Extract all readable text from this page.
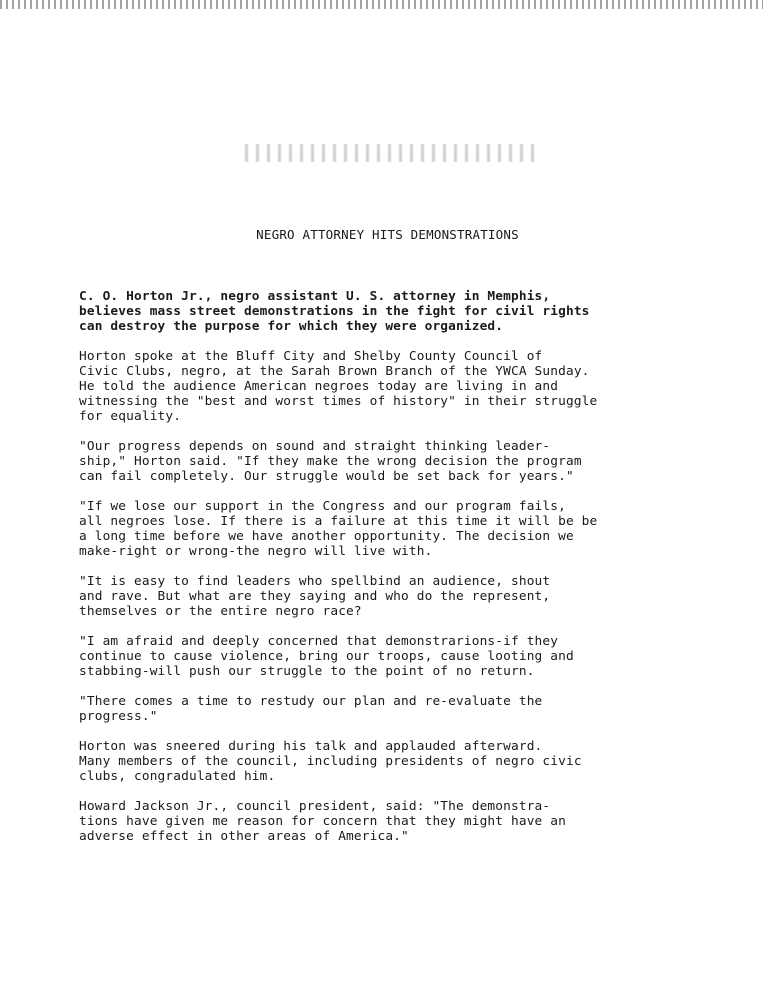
NEGRO ATTORNEY HITS DEMONSTRATIONS

C. O. Horton Jr., negro assistant U. S. attorney in Memphis,
believes mass street demonstrations in the fight for civil rights
can destroy the purpose for which they were organized.

Horton spoke at the Bluff City and Shelby County Council of
Civic Clubs, negro, at the Sarah Brown Branch of the YWCA Sunday.
He told the audience American negroes today are living in and
witnessing the "best and worst times of history" in their struggle
for equality.

"Our progress depends on sound and straight thinking leader-
ship," Horton said. "If they make the wrong decision the program
can fail completely. Our struggle would be set back for years."

"If we lose our support in the Congress and our program fails,
all negroes lose. If there is a failure at this time it will be be
a long time before we have another opportunity. The decision we
make-right or wrong-the negro will live with.

"It is easy to find leaders who spellbind an audience, shout
and rave. But what are they saying and who do the represent,
themselves or the entire negro race?

"I am afraid and deeply concerned that demonstrarions-if they
continue to cause violence, bring our troops, cause looting and
stabbing-will push our struggle to the point of no return.

"There comes a time to restudy our plan and re-evaluate the
progress."

Horton was sneered during his talk and applauded afterward.
Many members of the council, including presidents of negro civic
clubs, congradulated him.

Howard Jackson Jr., council president, said: "The demonstra-
tions have given me reason for concern that they might have an
adverse effect in other areas of America."
